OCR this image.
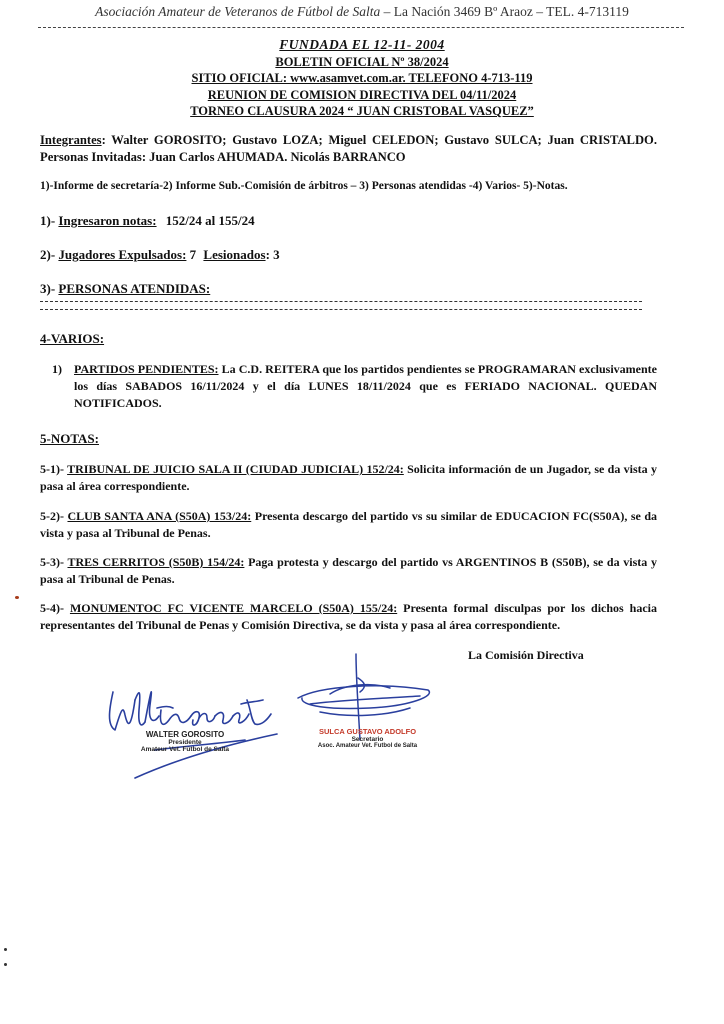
Asociación Amateur de Veteranos de Fútbol de Salta – La Nación 3469 Bº Araoz – TEL. 4-713119
FUNDADA EL 12-11- 2004
BOLETIN OFICIAL Nº 38/2024
SITIO OFICIAL: www.asamvet.com.ar. TELEFONO 4-713-119
REUNION DE COMISION DIRECTIVA DEL 04/11/2024
TORNEO CLAUSURA 2024 “ JUAN CRISTOBAL VASQUEZ”
Integrantes: Walter GOROSITO; Gustavo LOZA; Miguel CELEDON; Gustavo SULCA; Juan CRISTALDO. Personas Invitadas: Juan Carlos AHUMADA. Nicolás BARRANCO
1)-Informe de secretaría-2) Informe Sub.-Comisión de árbitros – 3) Personas atendidas -4) Varios- 5)-Notas.
1)- Ingresaron notas: 152/24 al 155/24
2)- Jugadores Expulsados: 7 Lesionados: 3
3)- PERSONAS ATENDIDAS:
4-VARIOS:
1) PARTIDOS PENDIENTES: La C.D. REITERA que los partidos pendientes se PROGRAMARAN exclusivamente los días SABADOS 16/11/2024 y el día LUNES 18/11/2024 que es FERIADO NACIONAL. QUEDAN NOTIFICADOS.
5-NOTAS:
5-1)- TRIBUNAL DE JUICIO SALA II (CIUDAD JUDICIAL) 152/24: Solicita información de un Jugador, se da vista y pasa al área correspondiente.
5-2)- CLUB SANTA ANA (S50A) 153/24: Presenta descargo del partido vs su similar de EDUCACION FC(S50A), se da vista y pasa al Tribunal de Penas.
5-3)- TRES CERRITOS (S50B) 154/24: Paga protesta y descargo del partido vs ARGENTINOS B (S50B), se da vista y pasa al Tribunal de Penas.
5-4)- MONUMENTOC FC VICENTE MARCELO (S50A) 155/24: Presenta formal disculpas por los dichos hacia representantes del Tribunal de Penas y Comisión Directiva, se da vista y pasa al área correspondiente.
La Comisión Directiva
WALTER GOROSITO
Presidente
Amateur Vet. Fútbol de Salta
SULCA GUSTAVO ADOLFO
Secretario
Asoc. Amateur Vet. Futbol de Salta
